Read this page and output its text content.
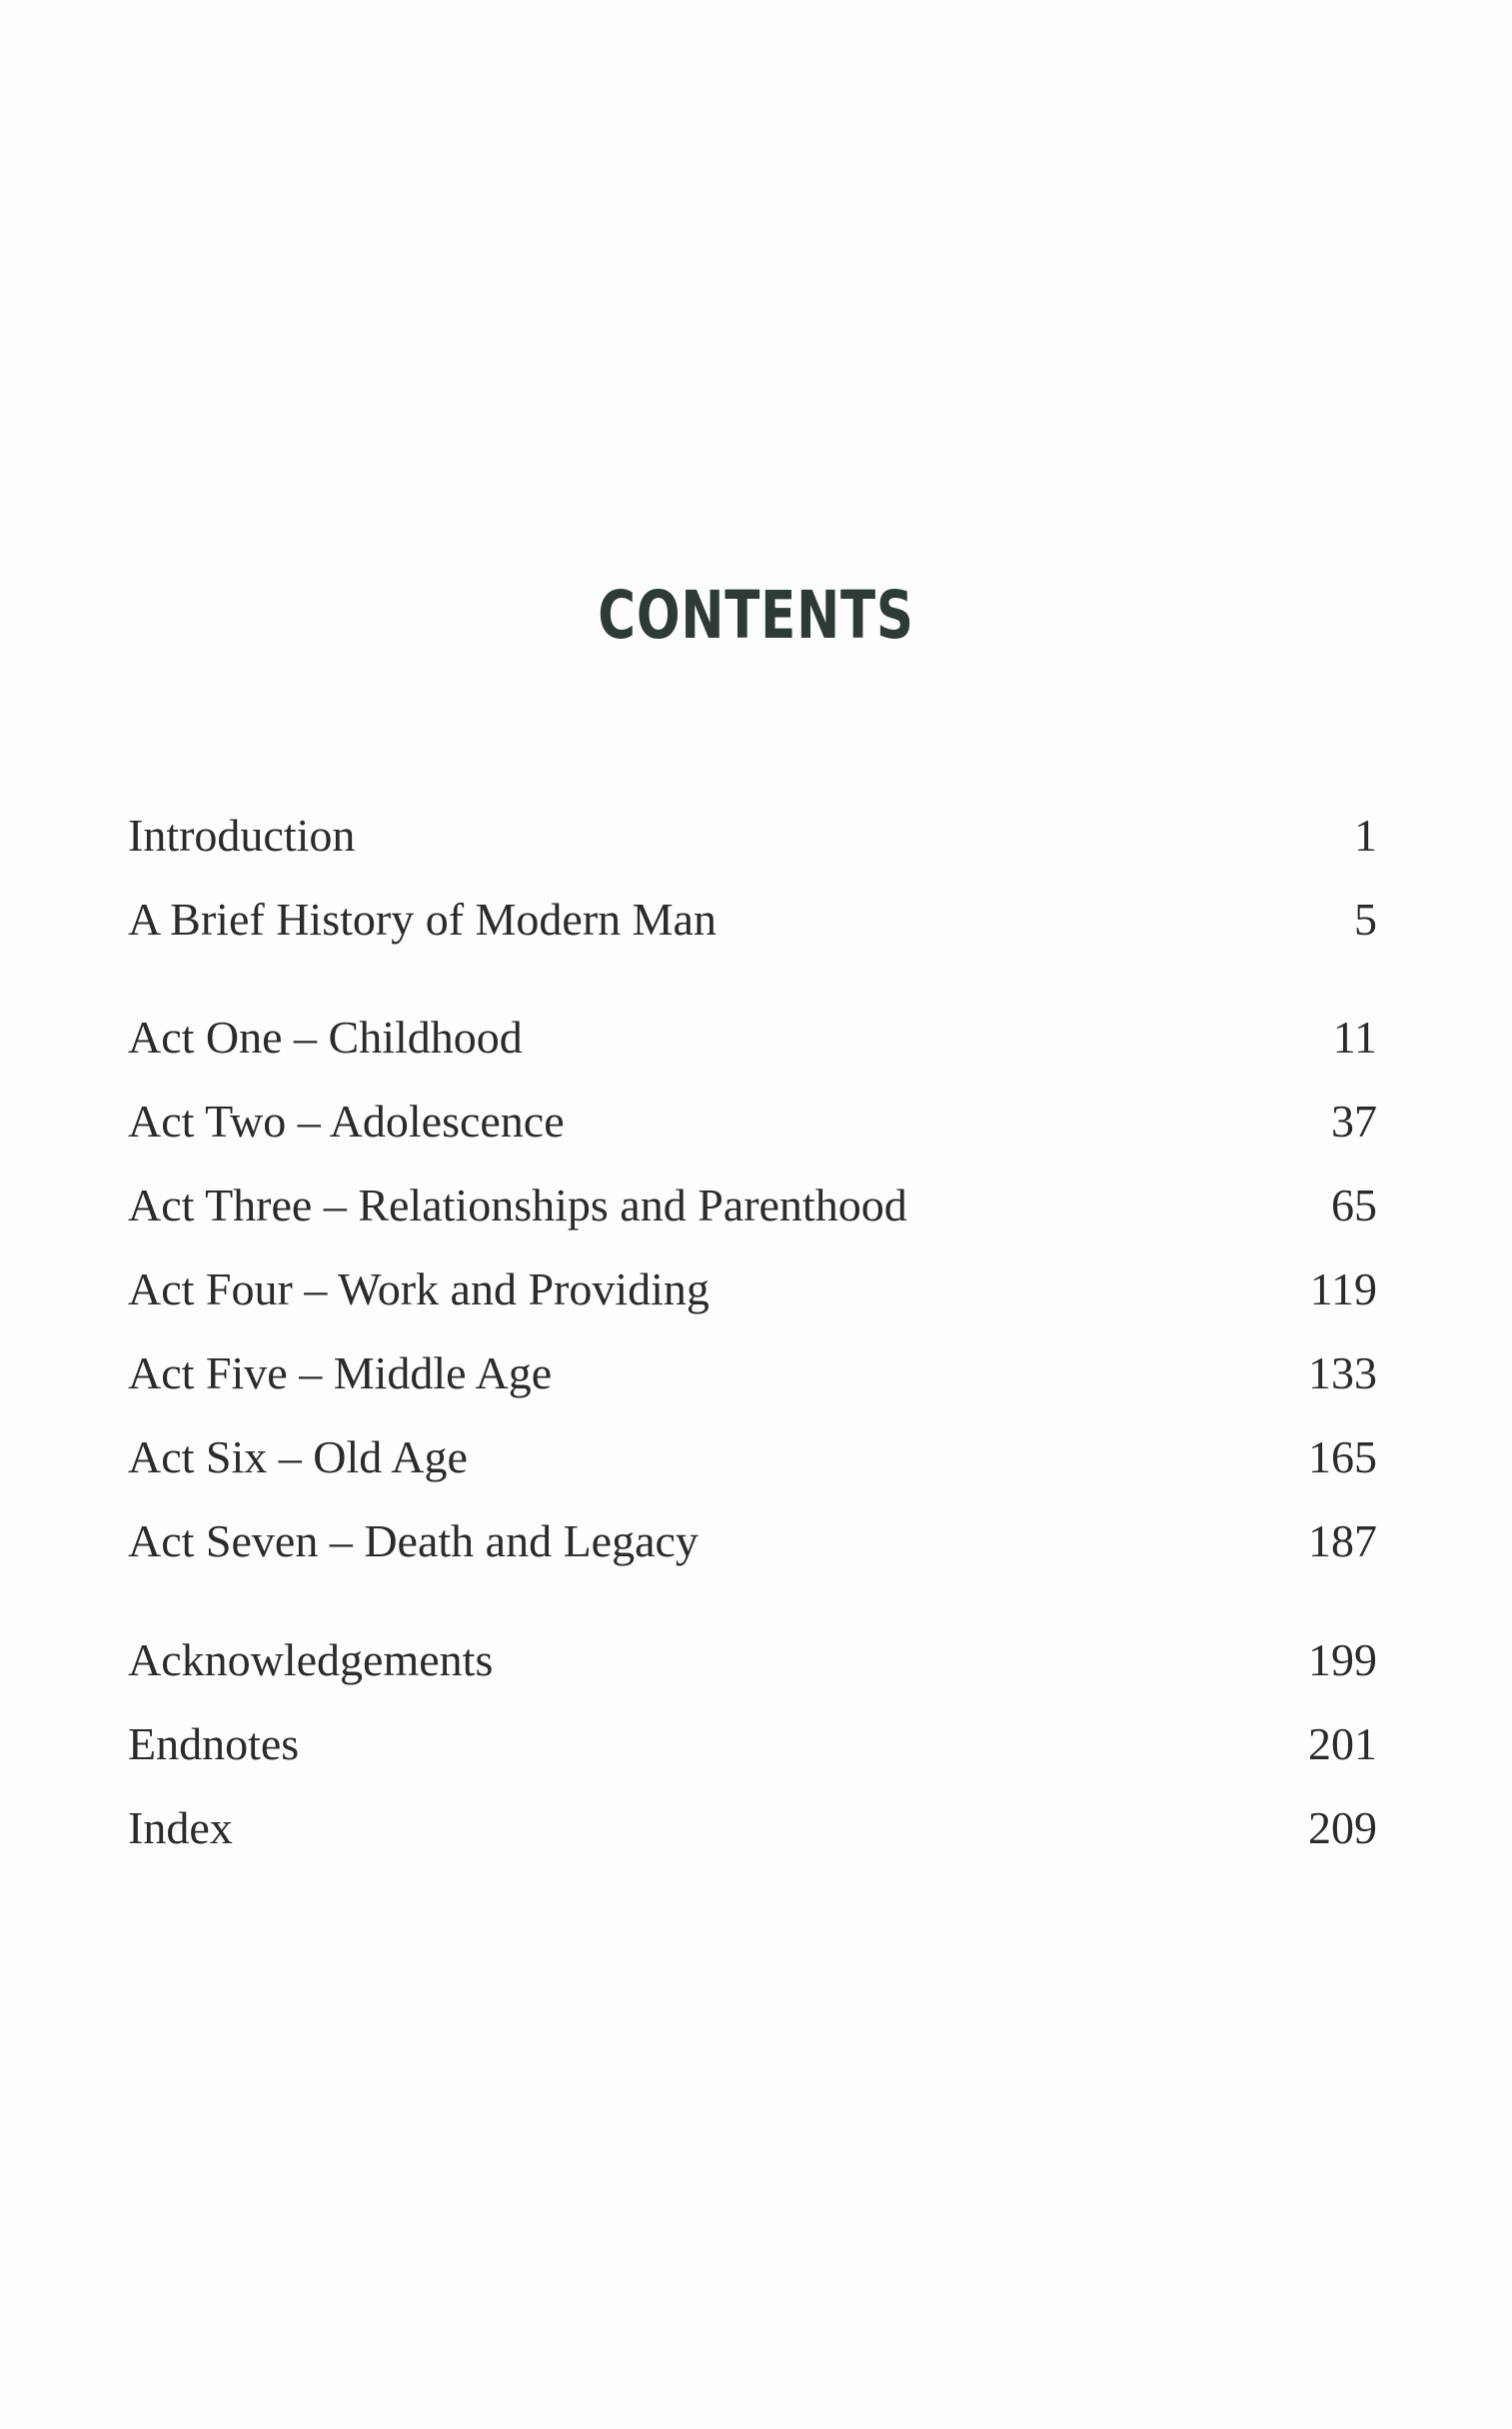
CONTENTS
Introduction	1
A Brief History of Modern Man	5
Act One – Childhood	11
Act Two – Adolescence	37
Act Three – Relationships and Parenthood	65
Act Four – Work and Providing	119
Act Five – Middle Age	133
Act Six – Old Age	165
Act Seven – Death and Legacy	187
Acknowledgements	199
Endnotes	201
Index	209
